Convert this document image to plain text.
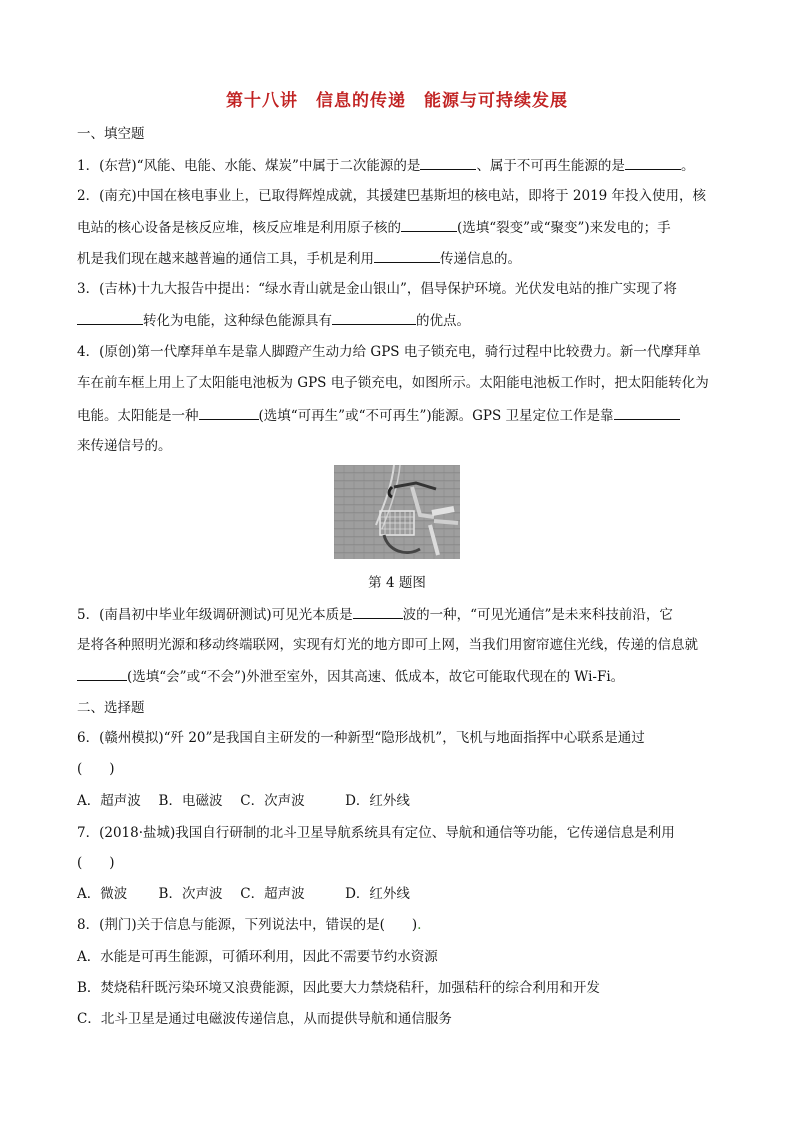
第十八讲　信息的传递　能源与可持续发展
一、填空题
1．(东营)“风能、电能、水能、煤炭”中属于二次能源的是	、属于不可再生能源的是	。
2．(南充)中国在核电事业上，已取得辉煌成就，其援建巴基斯坦的核电站，即将于 2019 年投入使用，核
电站的核心设备是核反应堆，核反应堆是利用原子核的	(选填“裂变”或“聚变”)来发电的；手
机是我们现在越来越普遍的通信工具，手机是利用	传递信息的。
3．(吉林)十九大报告中提出：“绿水青山就是金山银山”，倡导保护环境。光伏发电站的推广实现了将
转化为电能，这种绿色能源具有	的优点。
4．(原创)第一代摩拜单车是靠人脚蹬产生动力给 GPS 电子锁充电，骑行过程中比较费力。新一代摩拜单
车在前车框上用上了太阳能电池板为 GPS 电子锁充电，如图所示。太阳能电池板工作时，把太阳能转化为
电能。太阳能是一种	(选填“可再生”或“不可再生”)能源。GPS 卫星定位工作是靠
来传递信号的。
第 4 题图
5．(南昌初中毕业年级调研测试)可见光本质是	波的一种，“可见光通信”是未来科技前沿，它
是将各种照明光源和移动终端联网，实现有灯光的地方即可上网，当我们用窗帘遮住光线，传递的信息就
(选填“会”或“不会”)外泄至室外，因其高速、低成本，故它可能取代现在的 Wi-Fi。
二、选择题
6．(赣州模拟)“歼 20”是我国自主研发的一种新型“隐形战机”，飞机与地面指挥中心联系是通过
(　　)
A．超声波　 B．电磁波　 C．次声波　　　D．红外线
7．(2018·盐城)我国自行研制的北斗卫星导航系统具有定位、导航和通信等功能，它传递信息是利用
(　　)
A．微波　　 B．次声波　 C．超声波　　　D．红外线
8．(荆门)关于信息与能源，下列说法中，错误的是(　　).
A．水能是可再生能源，可循环利用，因此不需要节约水资源
B．焚烧秸秆既污染环境又浪费能源，因此要大力禁烧秸秆，加强秸秆的综合利用和开发
C．北斗卫星是通过电磁波传递信息，从而提供导航和通信服务
